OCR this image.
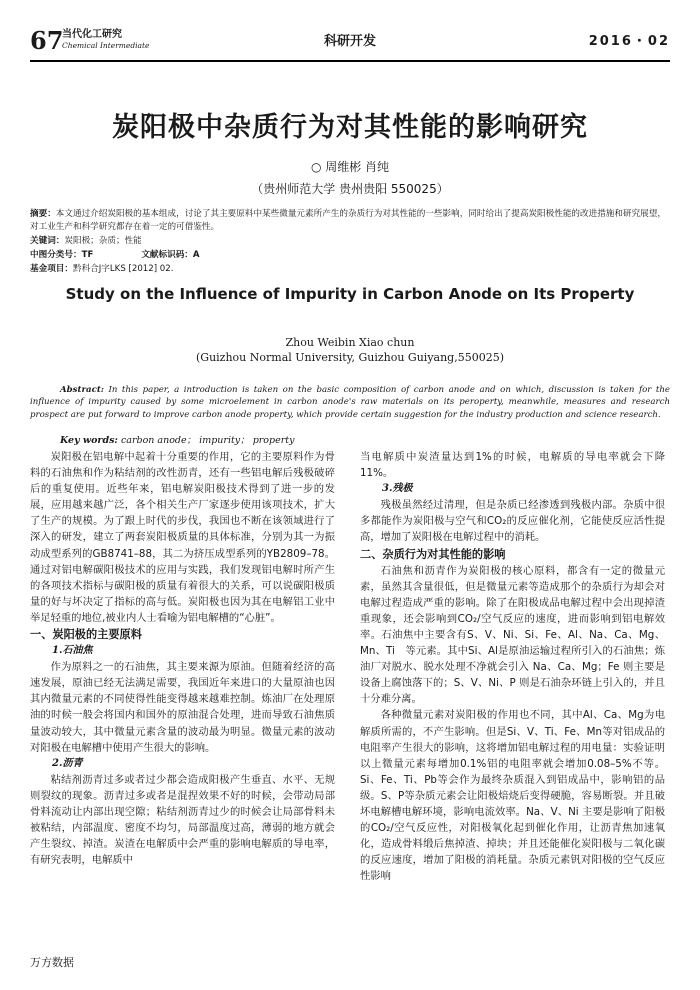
67
当代化工研究
Chemical Intermediate	科研开发	2016・02
炭阳极中杂质行为对其性能的影响研究
○ 周维彬 肖纯
（贵州师范大学 贵州贵阳 550025）
摘要：本文通过介绍炭阳极的基本组成，讨论了其主要原料中某些微量元素所产生的杂质行为对其性能的一些影响，同时给出了提高炭阳极性能的改进措施和研究展望，对工业生产和科学研究都存在着一定的可借鉴性。
关键词：炭阳极；杂质；性能
中图分类号：TF	文献标识码：A
基金项目：黔科合J字LKS [2012] 02.
Study on the Influence of Impurity in Carbon Anode on Its Property
Zhou Weibin Xiao chun
(Guizhou Normal University, Guizhou Guiyang,550025)
Abstract: In this paper, a introduction is taken on the basic composition of carbon anode and on which, discussion is taken for the influence of impurity caused by some microelement in carbon anode's raw materials on its peroperty, meanwhile, measures and research prospect are put forward to improve carbon anode property, which provide certain suggestion for the industry production and science research.
Key words: carbon anode； impurity； property

炭阳极在铝电解中起着十分重要的作用，它的主要原料作为骨料的石油焦和作为粘结剂的改性沥青，还有一些铝电解后残极破碎后的重复使用。近些年来，铝电解炭阳极技术得到了进一步的发展，应用越来越广泛，各个相关生产厂家逐步使用该项技术，扩大了生产的规模。为了跟上时代的步伐，我国也不断在该领域进行了深入的研发，建立了两套炭阳极质量的具体标准，分别为其一为振动成型系列的GB8741–88，其二为挤压成型系列的YB2809–78。通过对铝电解碳阳极技术的应用与实践，我们发现铝电解时所产生的各项技术指标与碳阳极的质量有着很大的关系，可以说碳阳极质量的好与坏决定了指标的高与低。炭阳极也因为其在电解铝工业中举足轻重的地位,被业内人士看喻为铝电解槽的“心脏”。

一、炭阳极的主要原料
1.石油焦

作为原料之一的石油焦，其主要来源为原油。但随着经济的高速发展，原油已经无法满足需要，我国近年来进口的大量原油也因其内微量元素的不同使得性能变得越来越难控制。炼油厂在处理原油的时候一般会将国内和国外的原油混合处理，进而导致石油焦质量波动较大，其中微量元素含量的波动最为明显。微量元素的波动对阳极在电解槽中使用产生很大的影响。

2.沥青

粘结剂沥青过多或者过少都会造成阳极产生垂直、水平、无规则裂纹的现象。沥青过多或者是混捏效果不好的时候，会带动局部骨料流动让内部出现空隙；粘结剂沥青过少的时候会让局部骨料未被粘结，内部温度、密度不均匀，局部温度过高，薄弱的地方就会产生裂纹、掉渣。炭渣在电解质中会严重的影响电解质的导电率，有研究表明，电解质中

当电解质中炭渣量达到1%的时候，电解质的导电率就会下降11%。

3.残极

残极虽然经过清理，但是杂质已经渗透到残极内部。杂质中很多都能作为炭阳极与空气和CO₂的反应催化剂，它能使反应活性提高，增加了炭阳极在电解过程中的消耗。

二、杂质行为对其性能的影响

石油焦和沥青作为炭阳极的核心原料，都含有一定的微量元素，虽然其含量很低，但是微量元素等造成那个的杂质行为却会对电解过程造成严重的影响。除了在阳极成品电解过程中会出现掉渣重现象，还会影响到CO₂/空气反应的速度，进而影响到铝电解效率。石油焦中主要含有S、V、Ni、Si、Fe、Al、Na、Ca、Mg、Mn、Ti　等元素。其中Si、Al是原油运输过程所引入的石油焦；炼油厂对脱水、脱水处理不净就会引入 Na、Ca、Mg；Fe 则主要是设备上腐蚀落下的；S、V、Ni、P 则是石油杂环链上引入的，并且十分难分离。

各种微量元素对炭阳极的作用也不同，其中Al、Ca、Mg为电解质所需的，不产生影响。但是Si、V、Ti、Fe、Mn等对铝成品的电阻率产生很大的影响，这将增加铝电解过程的用电量：实验证明以上微量元素每增加0.1%铝的电阻率就会增加0.08–5%不等。Si、Fe、Ti、Pb等会作为最终杂质混入到铝成品中，影响铝的品级。S、P等杂质元素会让阳极焙烧后变得硬脆，容易断裂。并且破坏电解槽电解环境，影响电流效率。Na、V、Ni 主要是影响了阳极的CO₂/空气反应性，对阳极氧化起到催化作用，让沥青焦加速氧化，造成骨料缎后焦掉渣、掉块；并且还能催化炭阳极与二氧化碳的反应速度，增加了阳极的消耗量。杂质元素钒对阳极的空气反应性影响

万方数据
